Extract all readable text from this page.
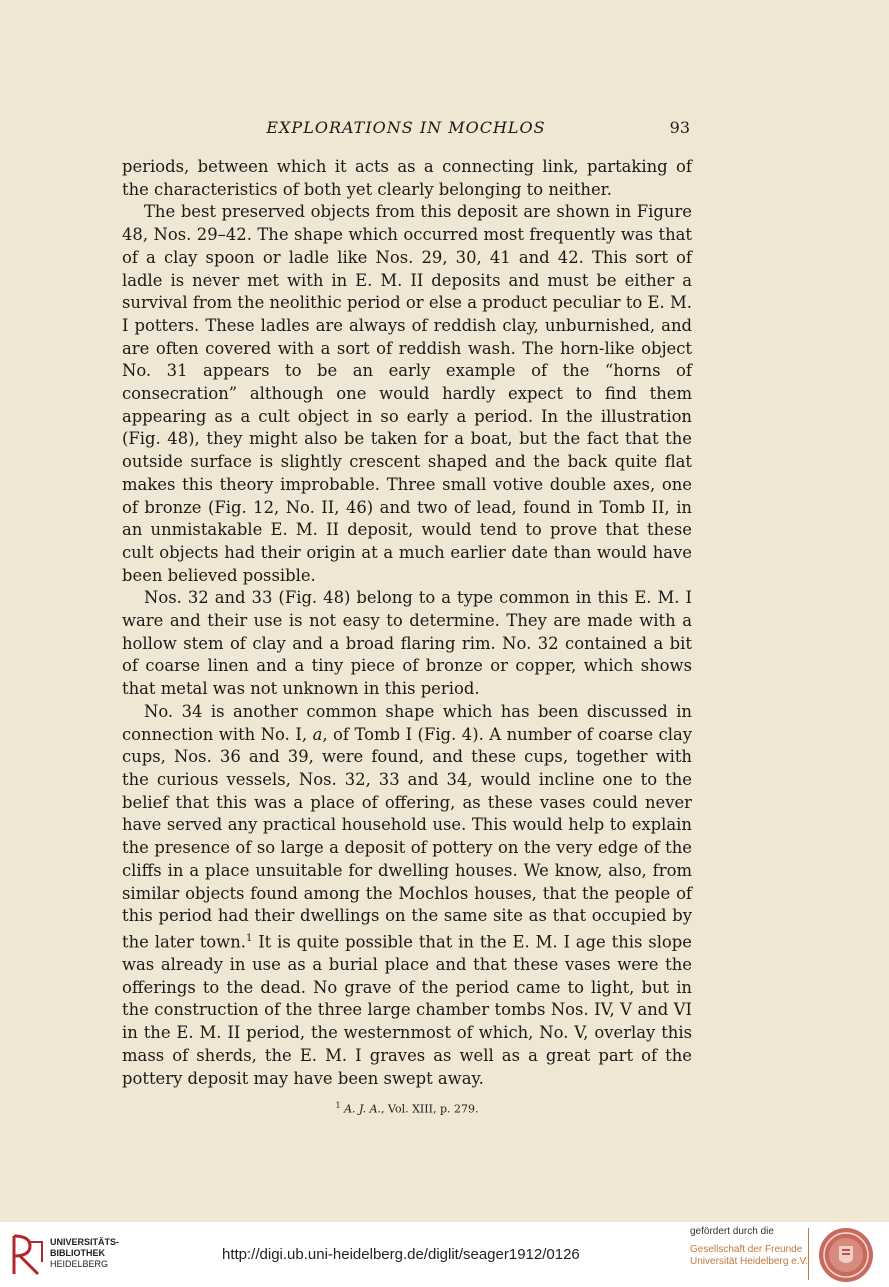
EXPLORATIONS IN MOCHLOS	93

periods, between which it acts as a connecting link, partaking of the characteristics of both yet clearly belonging to neither.

The best preserved objects from this deposit are shown in Figure 48, Nos. 29–42. The shape which occurred most frequently was that of a clay spoon or ladle like Nos. 29, 30, 41 and 42. This sort of ladle is never met with in E. M. II deposits and must be either a survival from the neolithic period or else a product peculiar to E. M. I potters. These ladles are always of reddish clay, unburnished, and are often covered with a sort of reddish wash. The horn-like object No. 31 appears to be an early example of the “horns of consecration” although one would hardly expect to find them appearing as a cult object in so early a period. In the illustration (Fig. 48), they might also be taken for a boat, but the fact that the outside surface is slightly crescent shaped and the back quite flat makes this theory improbable. Three small votive double axes, one of bronze (Fig. 12, No. II, 46) and two of lead, found in Tomb II, in an unmistakable E. M. II deposit, would tend to prove that these cult objects had their origin at a much earlier date than would have been believed possible.

Nos. 32 and 33 (Fig. 48) belong to a type common in this E. M. I ware and their use is not easy to determine. They are made with a hollow stem of clay and a broad flaring rim. No. 32 contained a bit of coarse linen and a tiny piece of bronze or copper, which shows that metal was not unknown in this period.

No. 34 is another common shape which has been discussed in connection with No. I, a, of Tomb I (Fig. 4). A number of coarse clay cups, Nos. 36 and 39, were found, and these cups, together with the curious vessels, Nos. 32, 33 and 34, would incline one to the belief that this was a place of offering, as these vases could never have served any practical household use. This would help to explain the presence of so large a deposit of pottery on the very edge of the cliffs in a place unsuitable for dwelling houses. We know, also, from similar objects found among the Mochlos houses, that the people of this period had their dwellings on the same site as that occupied by the later town.$^1$ It is quite possible that in the E. M. I age this slope was already in use as a burial place and that these vases were the offerings to the dead. No grave of the period came to light, but in the construction of the three large chamber tombs Nos. IV, V and VI in the E. M. II period, the westernmost of which, No. V, overlay this mass of sherds, the E. M. I graves as well as a great part of the pottery deposit may have been swept away.

$^1$ A. J. A., Vol. XIII, p. 279.
UNIVERSITÄTS-
BIBLIOTHEK
HEIDELBERG
http://digi.ub.uni-heidelberg.de/diglit/seager1912/0126
gefördert durch die
Gesellschaft der Freunde
Universität Heidelberg e.V.
